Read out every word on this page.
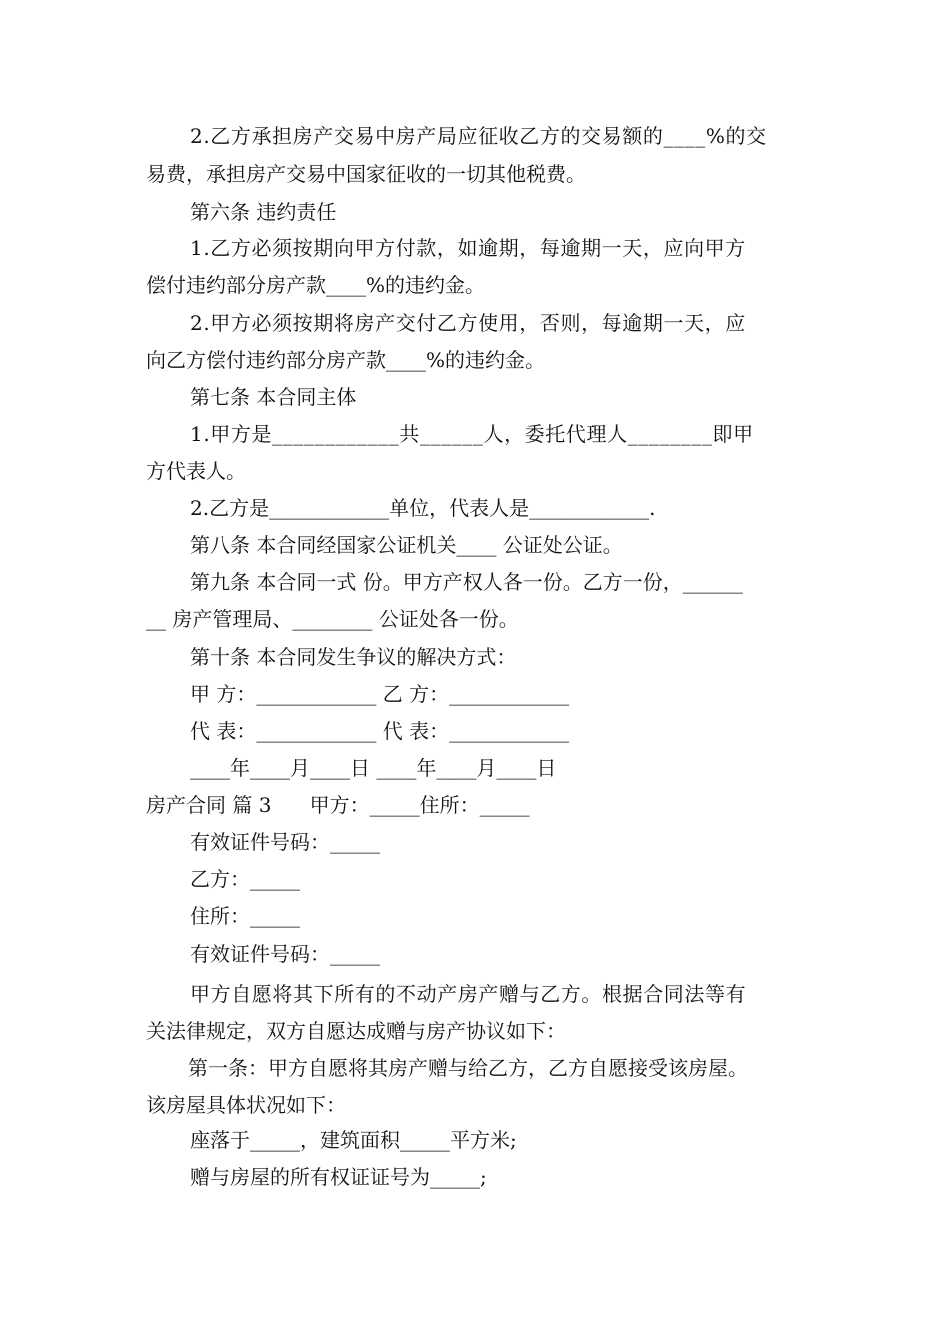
2.乙方承担房产交易中房产局应征收乙方的交易额的____%的交
易费，承担房产交易中国家征收的一切其他税费。
第六条 违约责任
1.乙方必须按期向甲方付款，如逾期，每逾期一天，应向甲方
偿付违约部分房产款____%的违约金。
2.甲方必须按期将房产交付乙方使用，否则，每逾期一天，应
向乙方偿付违约部分房产款____%的违约金。
第七条 本合同主体
1.甲方是____________共______人，委托代理人________即甲
方代表人。
2.乙方是____________单位，代表人是____________.
第八条 本合同经国家公证机关____ 公证处公证。
第九条 本合同一式 份。甲方产权人各一份。乙方一份，______
__ 房产管理局、________ 公证处各一份。
第十条 本合同发生争议的解决方式：
甲 方：____________ 乙 方：____________
代 表：____________ 代 表：____________
____年____月____日 ____年____月____日
房产合同 篇 3      甲方：_____住所：_____
有效证件号码：_____
乙方：_____
住所：_____
有效证件号码：_____
甲方自愿将其下所有的不动产房产赠与乙方。根据合同法等有
关法律规定，双方自愿达成赠与房产协议如下：
第一条：甲方自愿将其房产赠与给乙方，乙方自愿接受该房屋。
该房屋具体状况如下：
座落于_____，建筑面积_____平方米;
赠与房屋的所有权证证号为_____;
